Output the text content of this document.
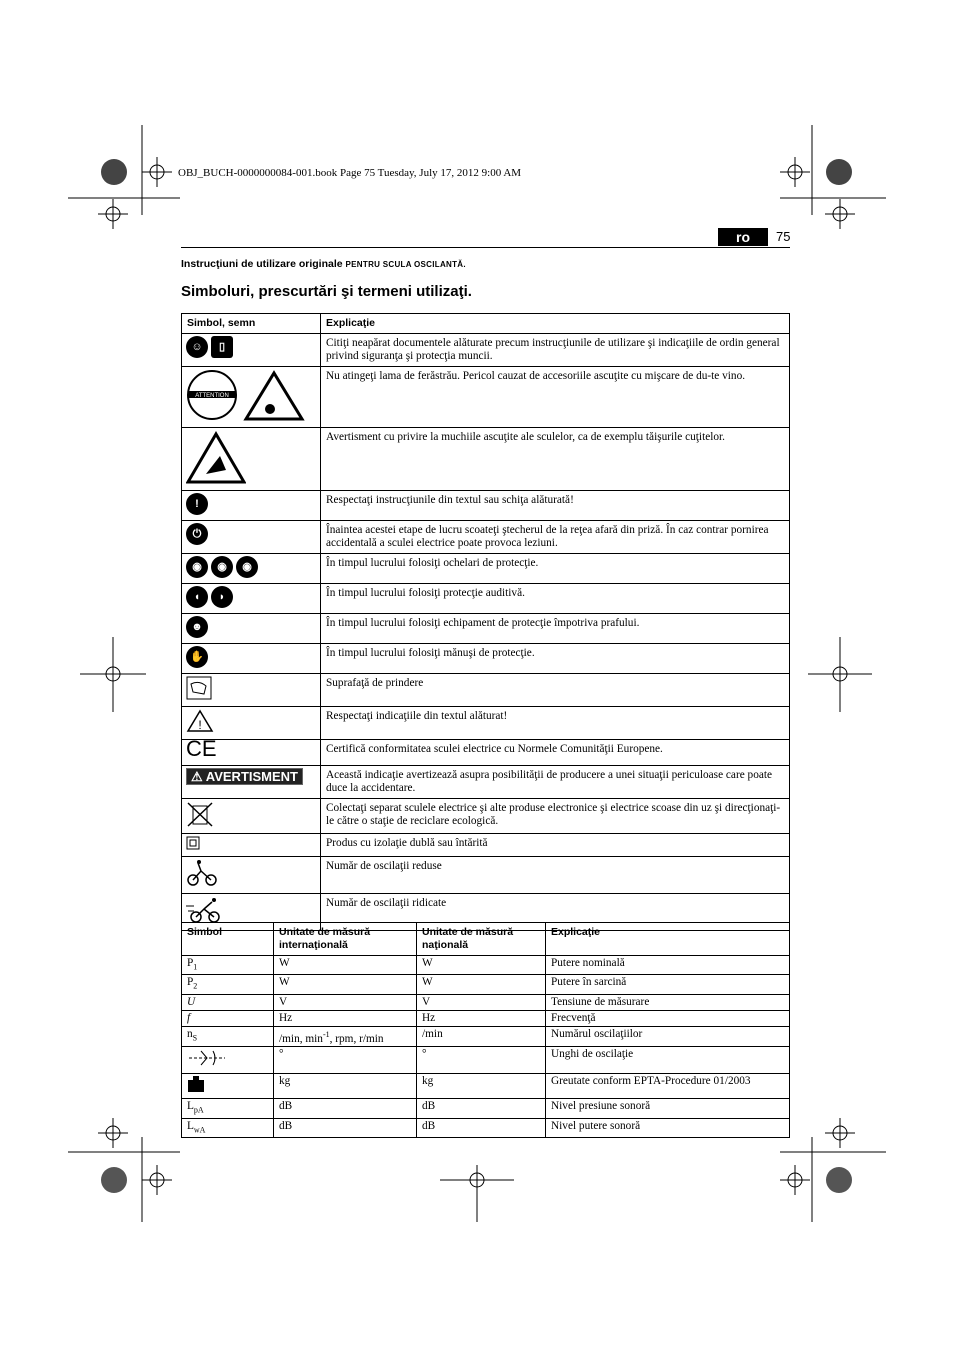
OBJ_BUCH-0000000084-001.book Page 75 Tuesday, July 17, 2012 9:00 AM
ro	75
Instrucţiuni de utilizare originale PENTRU SCULA OSCILANTĂ.
Simboluri, prescurtări şi termeni utilizaţi.
Simbol, semn	Explicaţie
☺ ▯	Citiţi neapărat documentele alăturate precum instrucţiunile de utilizare şi indicaţiile de ordin general privind siguranţa şi protecţia muncii.

ATTENTION	Nu atingeţi lama de ferăstrău. Pericol cauzat de accesoriile ascuţite cu mişcare de du-te vino.
	Avertisment cu privire la muchiile ascuţite ale sculelor, ca de exemplu tăişurile cuţitelor.
!	Respectaţi instrucţiunile din textul sau schiţa alăturată!
⏻	Înaintea acestei etape de lucru scoateţi ştecherul de la reţea afară din priză. În caz contrar pornirea accidentală a sculei electrice poate provoca leziuni.
◉ ◉ ◉	În timpul lucrului folosiţi ochelari de protecţie.
◖ ◗	În timpul lucrului folosiţi protecţie auditivă.
☻	În timpul lucrului folosiţi echipament de protecţie împotriva prafului.
✋	În timpul lucrului folosiţi mănuşi de protecţie.
	Suprafaţă de prindere

!	Respectaţi indicaţiile din textul alăturat!
CE	Certifică conformitatea sculei electrice cu Normele Comunităţii Europene.
⚠ AVERTISMENT	Această indicaţie avertizează asupra posibilităţii de producere a unei situaţii periculoase care poate duce la accidentare.
	Colectaţi separat sculele electrice şi alte produse electronice şi electrice scoase din uz şi direcţionaţi-le către o staţie de reciclare ecologică.
	Produs cu izolaţie dublă sau întărită
	Număr de oscilaţii reduse
	Număr de oscilaţii ridicate
Simbol	Unitate de măsură internaţională	Unitate de măsură naţională	Explicaţie
$P_1$	W	W	Putere nominală
$P_2$	W	W	Putere în sarcină
U	V	V	Tensiune de măsurare
f	Hz	Hz	Frecvenţă
$n_S$	/min, $\min^{-1}$, rpm, r/min	/min	Numărul oscilaţiilor
	°	°	Unghi de oscilaţie
	kg	kg	Greutate conform EPTA-Procedure 01/2003
$L_{pA}$	dB	dB	Nivel presiune sonoră
$L_{wA}$	dB	dB	Nivel putere sonoră
